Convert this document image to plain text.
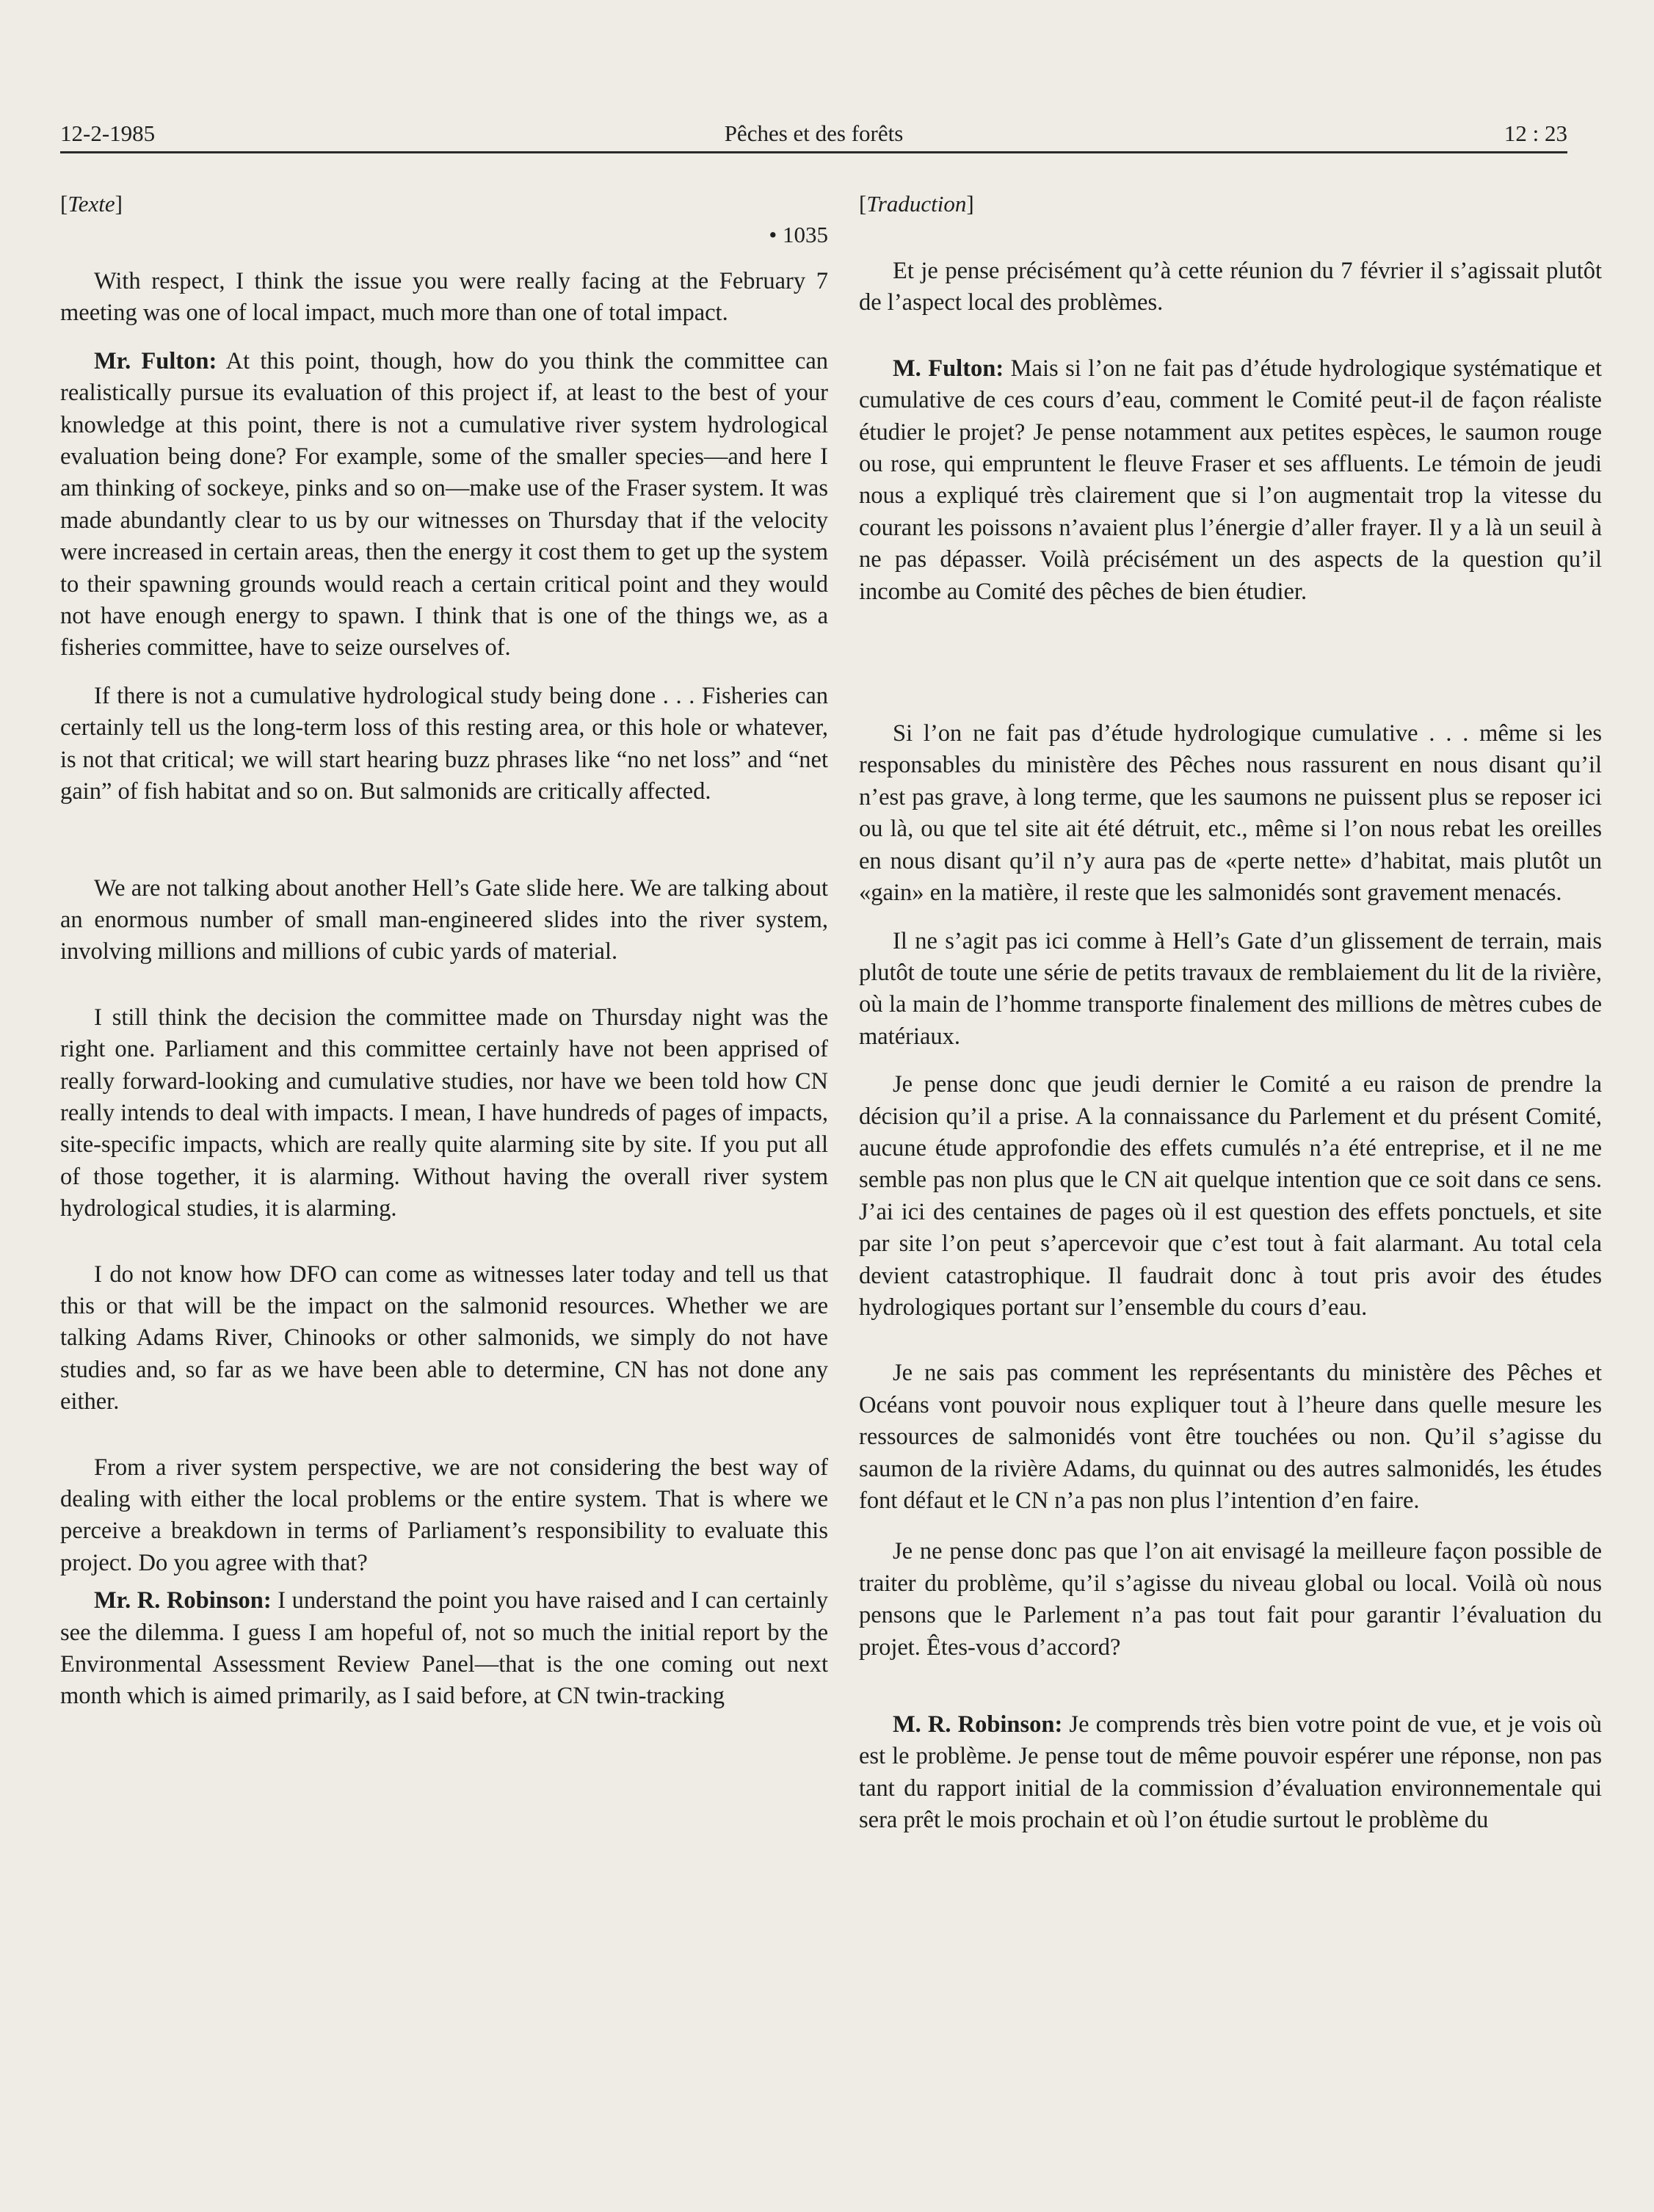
12-2-1985	Pêches et des forêts	12 : 23
[Texte]
• 1035

With respect, I think the issue you were really facing at the February 7 meeting was one of local impact, much more than one of total impact.

Mr. Fulton: At this point, though, how do you think the committee can realistically pursue its evaluation of this project if, at least to the best of your knowledge at this point, there is not a cumulative river system hydrological evaluation being done? For example, some of the smaller species—and here I am thinking of sockeye, pinks and so on—make use of the Fraser system. It was made abundantly clear to us by our witnesses on Thursday that if the velocity were increased in certain areas, then the energy it cost them to get up the system to their spawning grounds would reach a certain critical point and they would not have enough energy to spawn. I think that is one of the things we, as a fisheries committee, have to seize ourselves of.

If there is not a cumulative hydrological study being done . . . Fisheries can certainly tell us the long-term loss of this resting area, or this hole or whatever, is not that critical; we will start hearing buzz phrases like “no net loss” and “net gain” of fish habitat and so on. But salmonids are critically affected.

We are not talking about another Hell’s Gate slide here. We are talking about an enormous number of small man-engineered slides into the river system, involving millions and millions of cubic yards of material.

I still think the decision the committee made on Thursday night was the right one. Parliament and this committee certainly have not been apprised of really forward-looking and cumulative studies, nor have we been told how CN really intends to deal with impacts. I mean, I have hundreds of pages of impacts, site-specific impacts, which are really quite alarming site by site. If you put all of those together, it is alarming. Without having the overall river system hydrological studies, it is alarming.

I do not know how DFO can come as witnesses later today and tell us that this or that will be the impact on the salmonid resources. Whether we are talking Adams River, Chinooks or other salmonids, we simply do not have studies and, so far as we have been able to determine, CN has not done any either.

From a river system perspective, we are not considering the best way of dealing with either the local problems or the entire system. That is where we perceive a breakdown in terms of Parliament’s responsibility to evaluate this project. Do you agree with that?

Mr. R. Robinson: I understand the point you have raised and I can certainly see the dilemma. I guess I am hopeful of, not so much the initial report by the Environmental Assessment Review Panel—that is the one coming out next month which is aimed primarily, as I said before, at CN twin-tracking

[Traduction]

Et je pense précisément qu’à cette réunion du 7 février il s’agissait plutôt de l’aspect local des problèmes.

M. Fulton: Mais si l’on ne fait pas d’étude hydrologique systématique et cumulative de ces cours d’eau, comment le Comité peut-il de façon réaliste étudier le projet? Je pense notamment aux petites espèces, le saumon rouge ou rose, qui empruntent le fleuve Fraser et ses affluents. Le témoin de jeudi nous a expliqué très clairement que si l’on augmentait trop la vitesse du courant les poissons n’avaient plus l’énergie d’aller frayer. Il y a là un seuil à ne pas dépasser. Voilà précisément un des aspects de la question qu’il incombe au Comité des pêches de bien étudier.

Si l’on ne fait pas d’étude hydrologique cumulative . . . même si les responsables du ministère des Pêches nous rassurent en nous disant qu’il n’est pas grave, à long terme, que les saumons ne puissent plus se reposer ici ou là, ou que tel site ait été détruit, etc., même si l’on nous rebat les oreilles en nous disant qu’il n’y aura pas de «perte nette» d’habitat, mais plutôt un «gain» en la matière, il reste que les salmonidés sont gravement menacés.

Il ne s’agit pas ici comme à Hell’s Gate d’un glissement de terrain, mais plutôt de toute une série de petits travaux de remblaiement du lit de la rivière, où la main de l’homme transporte finalement des millions de mètres cubes de matériaux.

Je pense donc que jeudi dernier le Comité a eu raison de prendre la décision qu’il a prise. A la connaissance du Parlement et du présent Comité, aucune étude approfondie des effets cumulés n’a été entreprise, et il ne me semble pas non plus que le CN ait quelque intention que ce soit dans ce sens. J’ai ici des centaines de pages où il est question des effets ponctuels, et site par site l’on peut s’apercevoir que c’est tout à fait alarmant. Au total cela devient catastrophique. Il faudrait donc à tout pris avoir des études hydrologiques portant sur l’ensemble du cours d’eau.

Je ne sais pas comment les représentants du ministère des Pêches et Océans vont pouvoir nous expliquer tout à l’heure dans quelle mesure les ressources de salmonidés vont être touchées ou non. Qu’il s’agisse du saumon de la rivière Adams, du quinnat ou des autres salmonidés, les études font défaut et le CN n’a pas non plus l’intention d’en faire.

Je ne pense donc pas que l’on ait envisagé la meilleure façon possible de traiter du problème, qu’il s’agisse du niveau global ou local. Voilà où nous pensons que le Parlement n’a pas tout fait pour garantir l’évaluation du projet. Êtes-vous d’accord?

M. R. Robinson: Je comprends très bien votre point de vue, et je vois où est le problème. Je pense tout de même pouvoir espérer une réponse, non pas tant du rapport initial de la commission d’évaluation environnementale qui sera prêt le mois prochain et où l’on étudie surtout le problème du
